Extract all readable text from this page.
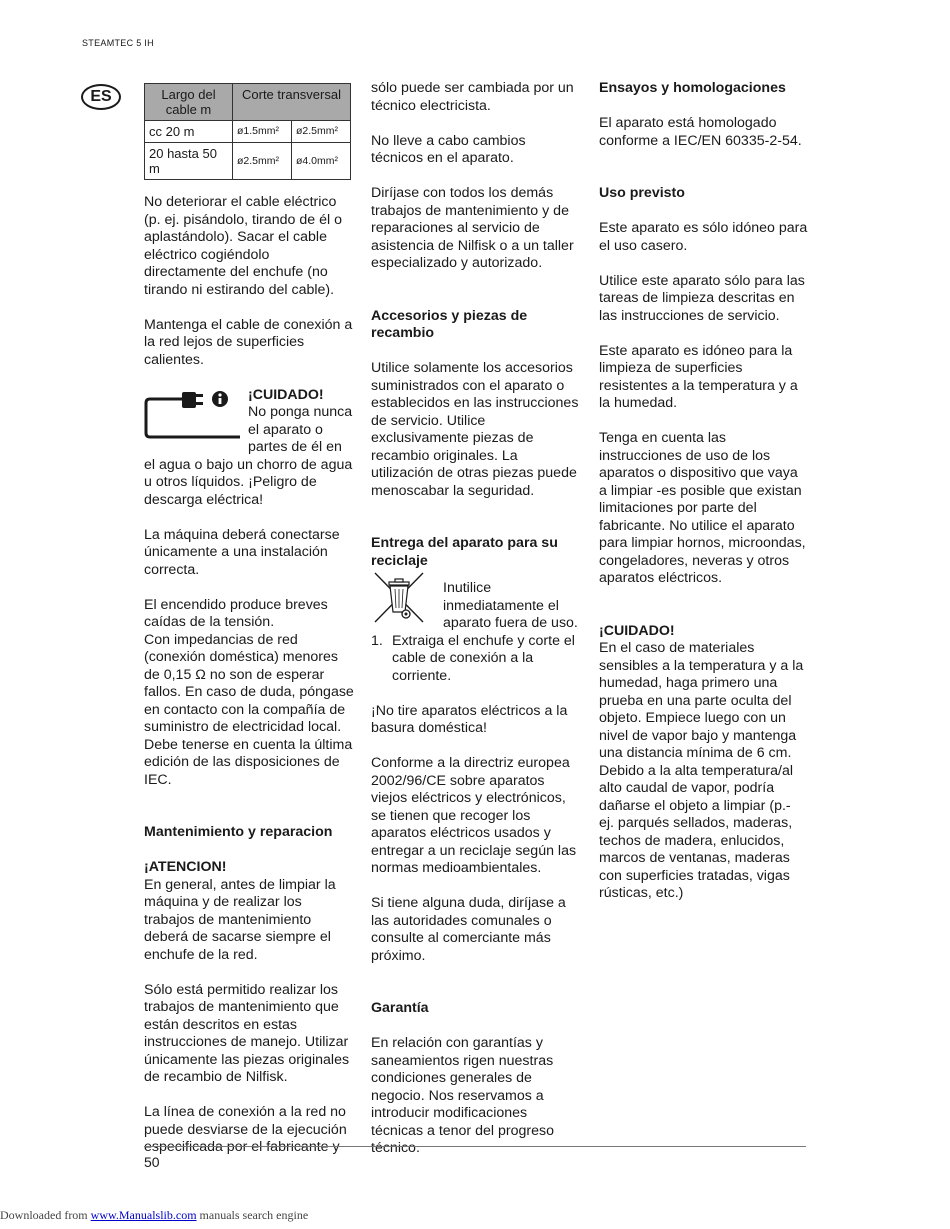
STEAMTEC 5 IH
ES	Largo del cable m	Corte transversal	
cc 20 m	ø1.5mm²	ø2.5mm²
20 hasta 50 m	ø2.5mm²	ø4.0mm²

No deteriorar el cable eléctrico (p. ej. pisándolo, tirando de él o aplastándolo). Sacar el cable eléctrico cogiéndolo directamente del enchufe (no tirando ni estirando del cable).

Mantenga el cable de conexión a la red lejos de superficies calientes.

¡CUIDADO!
No ponga nunca el aparato o partes de él en el agua o bajo un chorro de agua u otros líquidos. ¡Peligro de descarga eléctrica!

La máquina deberá conectarse únicamente a una instalación correcta.

El encendido produce breves caídas de la tensión.

Con impedancias de red (conexión doméstica) menores de 0,15 Ω no son de esperar fallos. En caso de duda, póngase en contacto con la compañía de suministro de electricidad local. Debe tenerse en cuenta la última edición de las disposiciones de IEC.

Mantenimiento y reparacion
¡ATENCION!

En general, antes de limpiar la máquina y de realizar los trabajos de mantenimiento deberá de sacarse siempre el enchufe de la red.

Sólo está permitido realizar los trabajos de mantenimiento que están descritos en estas instrucciones de manejo. Utilizar únicamente las piezas originales de recambio de Nilfisk.

La línea de conexión a la red no puede desviarse de la ejecución especificada por el fabricante y

sólo puede ser cambiada por un técnico electricista.

No lleve a cabo cambios técnicos en el aparato.

Diríjase con todos los demás trabajos de mantenimiento y de reparaciones al servicio de asistencia de Nilfisk o a un taller especializado y autorizado.

Accesorios y piezas de recambio

Utilice solamente los accesorios suministrados con el aparato o establecidos en las instrucciones de servicio. Utilice exclusivamente piezas de recambio originales. La utilización de otras piezas puede menoscabar la seguridad.

Entrega del aparato para su reciclaje
Inutilice inmediatamente el aparato fuera de uso.
1. Extraiga el enchufe y corte el cable de conexión a la corriente.

¡No tire aparatos eléctricos a la basura doméstica!

Conforme a la directriz europea 2002/96/CE sobre aparatos viejos eléctricos y electrónicos, se tienen que recoger los aparatos eléctricos usados y entregar a un reciclaje según las normas medioambientales.

Si tiene alguna duda, diríjase a las autoridades comunales o consulte al comerciante más próximo.

Garantía

En relación con garantías y saneamientos rigen nuestras condiciones generales de negocio. Nos reservamos a introducir modificaciones técnicas a tenor del progreso técnico.

Ensayos y homologaciones

El aparato está homologado conforme a IEC/EN 60335-2-54.

Uso previsto

Este aparato es sólo idóneo para el uso casero.

Utilice este aparato sólo para las tareas de limpieza descritas en las instrucciones de servicio.

Este aparato es idóneo para la limpieza de superficies resistentes a la temperatura y a la humedad.

Tenga en cuenta las instrucciones de uso de los aparatos o dispositivo que vaya a limpiar -es posible que existan limitaciones por parte del fabricante. No utilice el aparato para limpiar hornos, microondas, congeladores, neveras y otros aparatos eléctricos.

¡CUIDADO!

En el caso de materiales sensibles a la temperatura y a la humedad, haga primero una prueba en una parte oculta del objeto. Empiece luego con un nivel de vapor bajo y mantenga una distancia mínima de 6 cm. Debido a la alta temperatura/al alto caudal de vapor, podría dañarse el objeto a limpiar (p.- ej. parqués sellados, maderas, techos de madera, enlucidos, marcos de ventanas, maderas con superficies tratadas, vigas rústicas, etc.)

50
Downloaded from www.Manualslib.com manuals search engine
